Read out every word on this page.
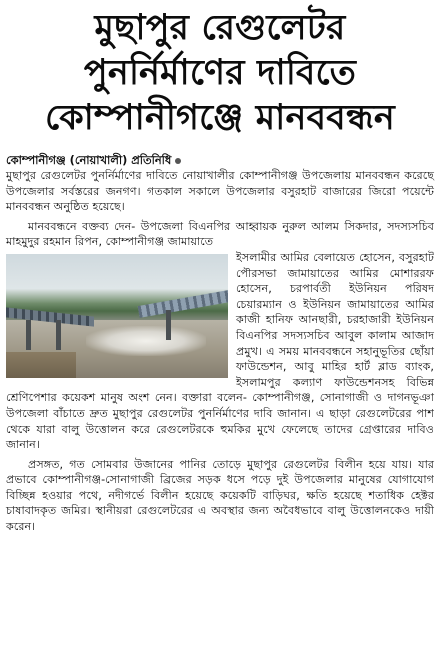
মুছাপুর রেগুলেটর
পুনর্নির্মাণের দাবিতে
কোম্পানীগঞ্জে মানববন্ধন
কোম্পানীগঞ্জ (নোয়াখালী) প্রতিনিধি

মুছাপুর রেগুলেটর পুনর্নির্মাণের দাবিতে নোয়াখালীর কোম্পানীগঞ্জ উপজেলায় মানববন্ধন করেছে উপজেলার সর্বস্তরের জনগণ। গতকাল সকালে উপজেলার বসুরহাট বাজারের জিরো পয়েন্টে মানববন্ধন অনুষ্ঠিত হয়েছে।

মানববন্ধনে বক্তব্য দেন- উপজেলা বিএনপির আহ্বায়ক নুরুল আলম সিকদার, সদস্যসচিব মাহমুদুর রহমান রিপন, কোম্পানীগঞ্জ জামায়াতে

ইসলামীর আমির বেলায়েত হোসেন, বসুরহাট পৌরসভা জামায়াতের আমির মোশাররফ হোসেন, চরপার্বতী ইউনিয়ন পরিষদ চেয়ারম্যান ও ইউনিয়ন জামায়াতের আমির কাজী হানিফ আনছারী, চরহাজারী ইউনিয়ন বিএনপির সদস্যসচিব আবুল কালাম আজাদ প্রমুখ। এ সময় মানববন্ধনে সহানুভূতির ছোঁয়া ফাউন্ডেশন, আবু মাহির হার্ট ব্লাড ব্যাংক, ইসলামপুর কল্যাণ ফাউন্ডেশনসহ বিভিন্ন শ্রেণিপেশার কয়েকশ মানুষ অংশ নেন। বক্তারা বলেন- কোম্পানীগঞ্জ, সোনাগাজী ও দাগনভূঞা উপজেলা বাঁচাতে দ্রুত মুছাপুর রেগুলেটর পুনর্নির্মাণের দাবি জানান। এ ছাড়া রেগুলেটরের পাশ থেকে যারা বালু উত্তোলন করে রেগুলেটরকে হুমকির মুখে ফেলেছে তাদের গ্রেপ্তারের দাবিও জানান।

প্রসঙ্গত, গত সোমবার উজানের পানির তোড়ে মুছাপুর রেগুলেটর বিলীন হয়ে যায়। যার প্রভাবে কোম্পানীগঞ্জ-সোনাগাজী ব্রিজের সড়ক ধসে পড়ে দুই উপজেলার মানুষের যোগাযোগ বিচ্ছিন্ন হওয়ার পথে, নদীগর্ভে বিলীন হয়েছে কয়েকটি বাড়িঘর, ক্ষতি হয়েছে শতাধিক হেক্টর চাষাবাদকৃত জমির। স্থানীয়রা রেগুলেটরের এ অবস্থার জন্য অবৈধভাবে বালু উত্তোলনকেও দায়ী করেন।
